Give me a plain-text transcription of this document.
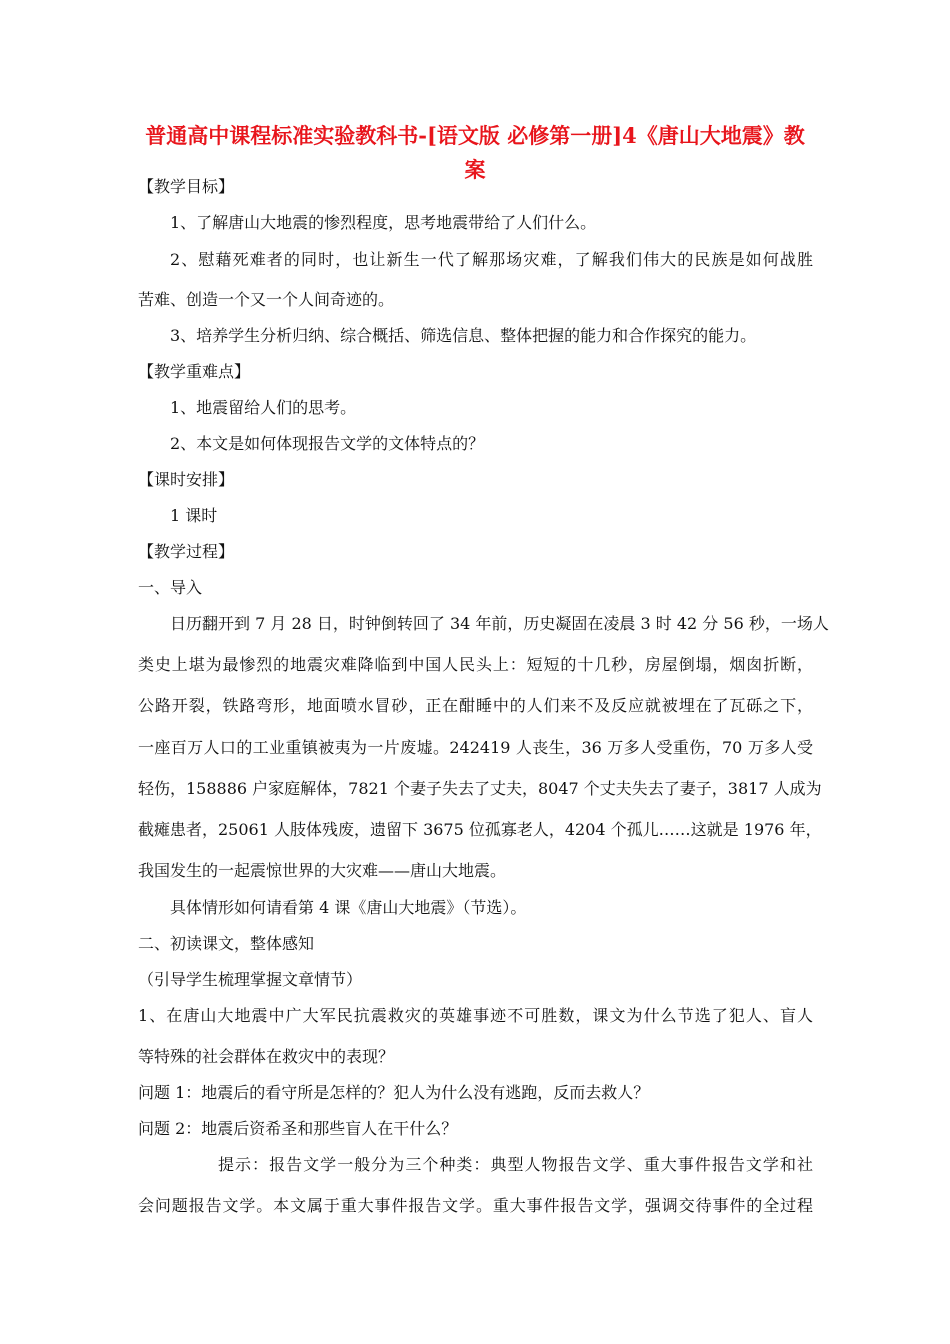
普通高中课程标准实验教科书-[语文版 必修第一册]4《唐山大地震》教案
【教学目标】
1、了解唐山大地震的惨烈程度，思考地震带给了人们什么。
2、慰藉死难者的同时，也让新生一代了解那场灾难，了解我们伟大的民族是如何战胜
苦难、创造一个又一个人间奇迹的。
3、培养学生分析归纳、综合概括、筛选信息、整体把握的能力和合作探究的能力。
【教学重难点】
1、地震留给人们的思考。
2、本文是如何体现报告文学的文体特点的？
【课时安排】
1 课时
【教学过程】
一、导入
日历翻开到 7 月 28 日，时钟倒转回了 34 年前，历史凝固在凌晨 3 时 42 分 56 秒，一场人
类史上堪为最惨烈的地震灾难降临到中国人民头上：短短的十几秒，房屋倒塌，烟囱折断，
公路开裂，铁路弯形，地面喷水冒砂，正在酣睡中的人们来不及反应就被埋在了瓦砾之下，
一座百万人口的工业重镇被夷为一片废墟。242419 人丧生，36 万多人受重伤，70 万多人受
轻伤，158886 户家庭解体，7821 个妻子失去了丈夫，8047 个丈夫失去了妻子，3817 人成为
截瘫患者，25061 人肢体残废，遗留下 3675 位孤寡老人，4204 个孤儿……这就是 1976 年，
我国发生的一起震惊世界的大灾难——唐山大地震。
具体情形如何请看第 4 课《唐山大地震》（节选）。
二、初读课文，整体感知
（引导学生梳理掌握文章情节）
1、在唐山大地震中广大军民抗震救灾的英雄事迹不可胜数，课文为什么节选了犯人、盲人
等特殊的社会群体在救灾中的表现？
问题 1：地震后的看守所是怎样的？犯人为什么没有逃跑，反而去救人？
问题 2：地震后资希圣和那些盲人在干什么？
提示：报告文学一般分为三个种类：典型人物报告文学、重大事件报告文学和社
会问题报告文学。本文属于重大事件报告文学。重大事件报告文学，强调交待事件的全过程
